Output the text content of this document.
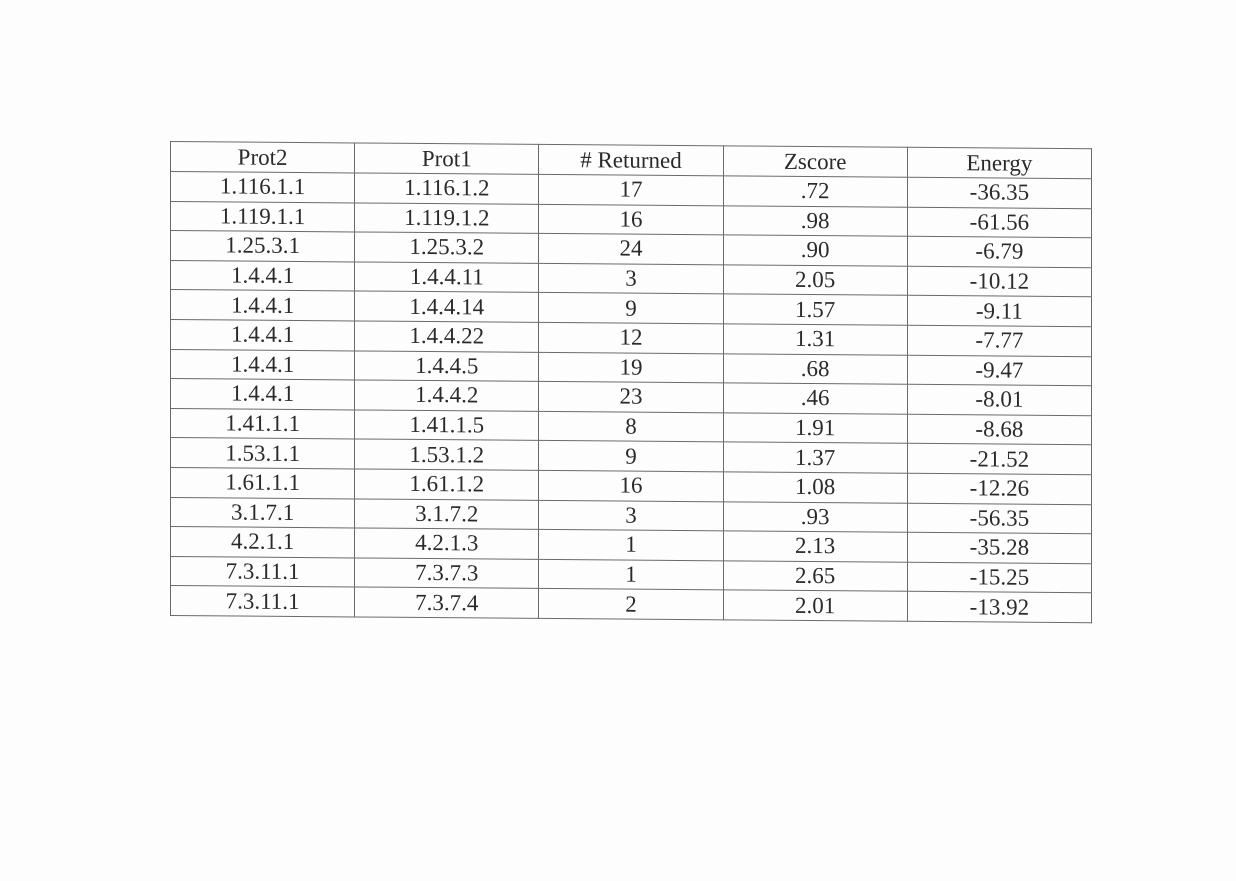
Prot2	Prot1	# Returned	Zscore	Energy
1.116.1.1	1.116.1.2	17	.72	-36.35
1.119.1.1	1.119.1.2	16	.98	-61.56
1.25.3.1	1.25.3.2	24	.90	-6.79
1.4.4.1	1.4.4.11	3	2.05	-10.12
1.4.4.1	1.4.4.14	9	1.57	-9.11
1.4.4.1	1.4.4.22	12	1.31	-7.77
1.4.4.1	1.4.4.5	19	.68	-9.47
1.4.4.1	1.4.4.2	23	.46	-8.01
1.41.1.1	1.41.1.5	8	1.91	-8.68
1.53.1.1	1.53.1.2	9	1.37	-21.52
1.61.1.1	1.61.1.2	16	1.08	-12.26
3.1.7.1	3.1.7.2	3	.93	-56.35
4.2.1.1	4.2.1.3	1	2.13	-35.28
7.3.11.1	7.3.7.3	1	2.65	-15.25
7.3.11.1	7.3.7.4	2	2.01	-13.92
